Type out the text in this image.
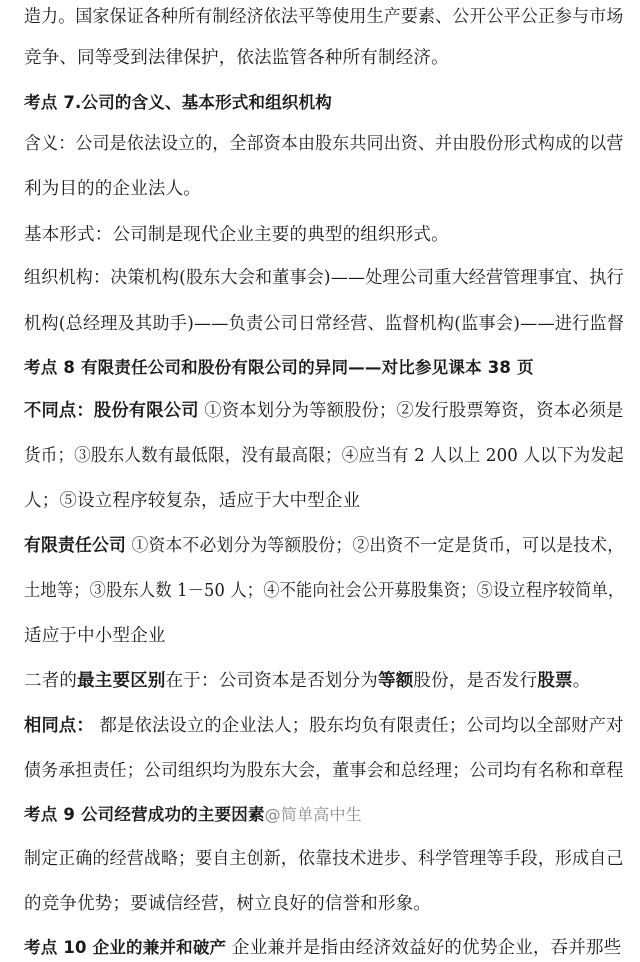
造力。国家保证各种所有制经济依法平等使用生产要素、公开公平公正参与市场
竞争、同等受到法律保护，依法监管各种所有制经济。
考点 7.公司的含义、基本形式和组织机构
含义：公司是依法设立的，全部资本由股东共同出资、并由股份形式构成的以营
利为目的的企业法人。
基本形式：公司制是现代企业主要的典型的组织形式。
组织机构：决策机构(股东大会和董事会)——处理公司重大经营管理事宜、执行
机构(总经理及其助手)——负责公司日常经营、监督机构(监事会)——进行监督
考点 8 有限责任公司和股份有限公司的异同——对比参见课本 38 页
不同点：股份有限公司 ①资本划分为等额股份；②发行股票筹资，资本必须是
货币；③股东人数有最低限，没有最高限；④应当有 2 人以上 200 人以下为发起
人；⑤设立程序较复杂，适应于大中型企业
有限责任公司 ①资本不必划分为等额股份；②出资不一定是货币，可以是技术，
土地等；③股东人数 1－50 人；④不能向社会公开募股集资；⑤设立程序较简单，
适应于中小型企业
二者的最主要区别在于：公司资本是否划分为等额股份，是否发行股票。
相同点： 都是依法设立的企业法人；股东均负有限责任；公司均以全部财产对
债务承担责任；公司组织均为股东大会，董事会和总经理；公司均有名称和章程
考点 9 公司经营成功的主要因素@简单高中生
制定正确的经营战略；要自主创新，依靠技术进步、科学管理等手段，形成自己
的竞争优势；要诚信经营，树立良好的信誉和形象。
考点 10 企业的兼并和破产 企业兼并是指由经济效益好的优势企业，吞并那些
